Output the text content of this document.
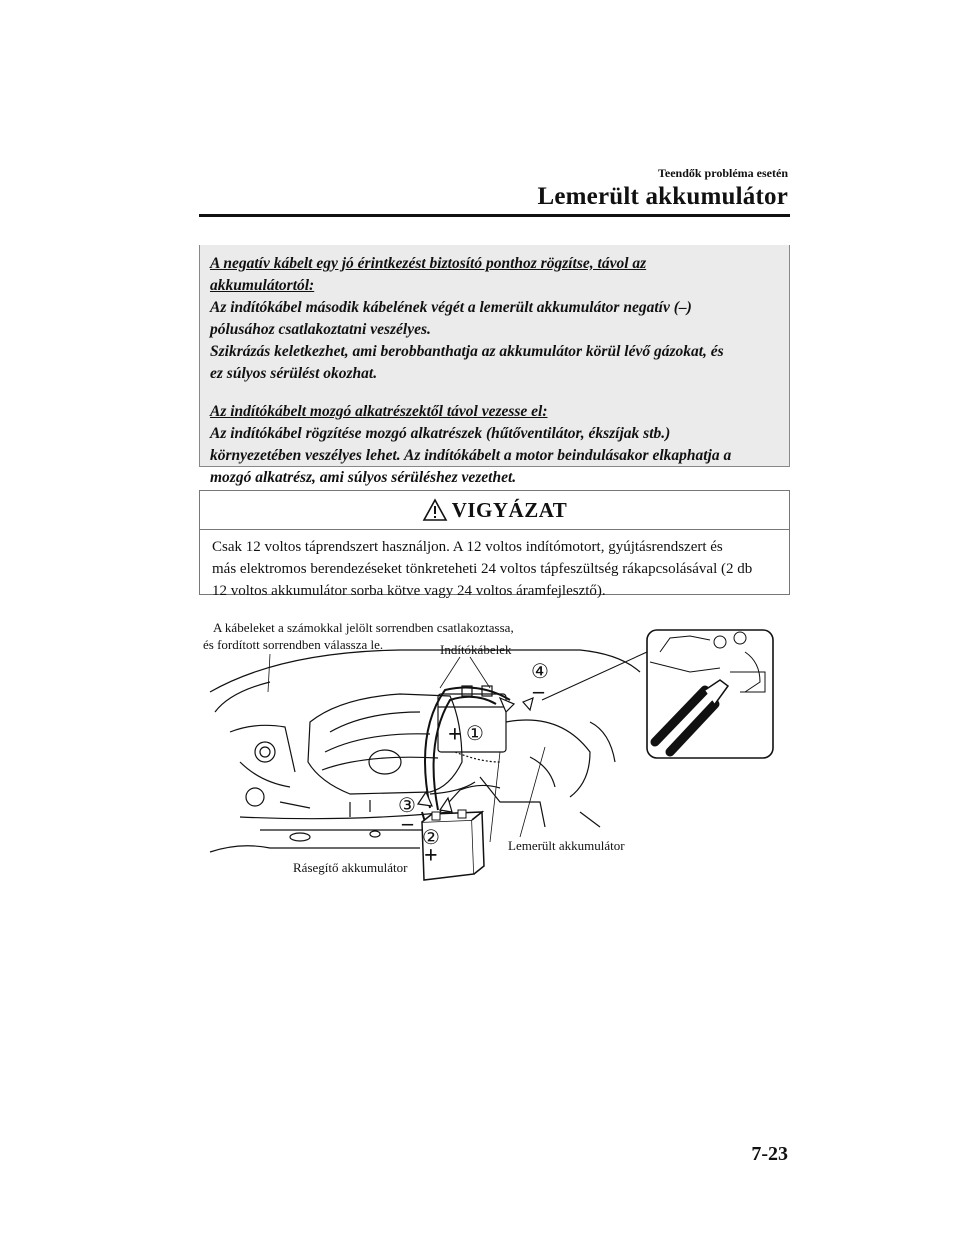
Teendők probléma esetén
Lemerült akkumulátor
A negatív kábelt egy jó érintkezést biztosító ponthoz rögzítse, távol az
akkumulátortól:
Az indítókábel második kábelének végét a lemerült akkumulátor negatív (–)
pólusához csatlakoztatni veszélyes.
Szikrázás keletkezhet, ami berobbanthatja az akkumulátor körül lévő gázokat, és
ez súlyos sérülést okozhat.
Az indítókábelt mozgó alkatrészektől távol vezesse el:
Az indítókábel rögzítése mozgó alkatrészek (hűtőventilátor, ékszíjak stb.)
környezetében veszélyes lehet. Az indítókábelt a motor beindulásakor elkaphatja a
mozgó alkatrész, ami súlyos sérüléshez vezethet.
VIGYÁZAT
Csak 12 voltos táprendszert használjon. A 12 voltos indítómotort, gyújtásrendszert és
más elektromos berendezéseket tönkreteheti 24 voltos tápfeszültség rákapcsolásával (2 db
12 voltos akkumulátor sorba kötve vagy 24 voltos áramfejlesztő).
A kábeleket a számokkal jelölt sorrendben csatlakoztassa,
és fordított sorrendben válassza le.	Indítókábelek
Lemerült akkumulátor
Rásegítő akkumulátor
④
–
①
+
③
–
②
+
7-23
